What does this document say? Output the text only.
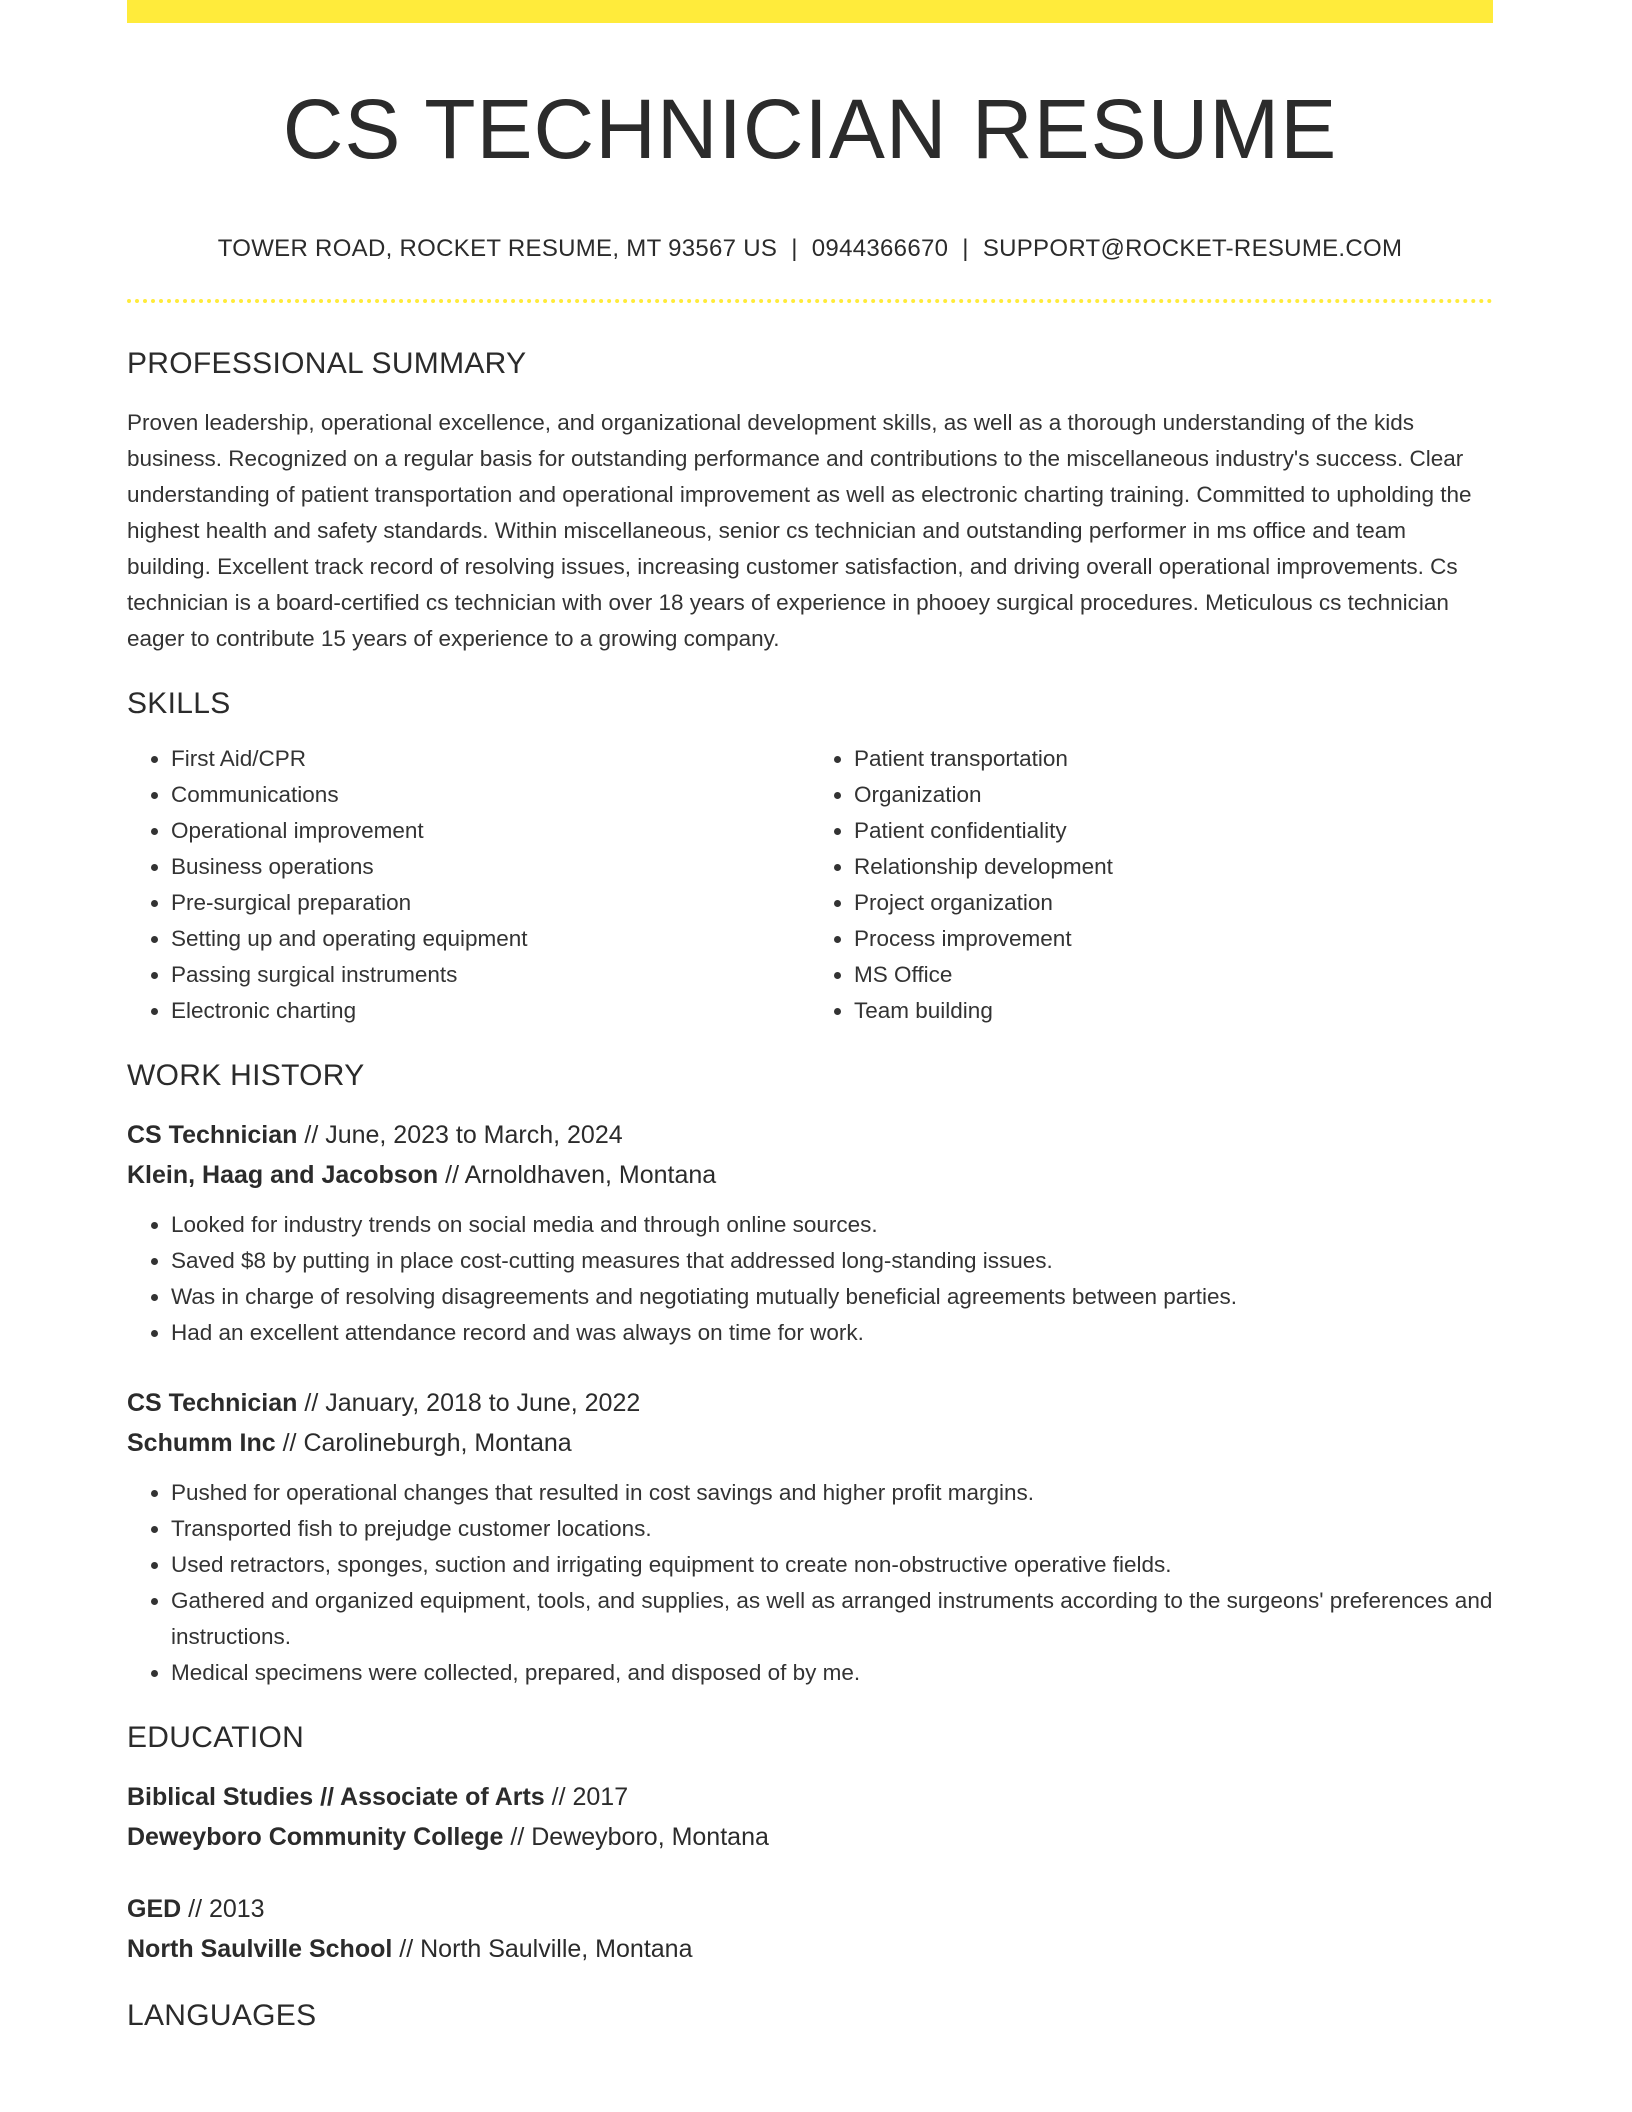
CS TECHNICIAN RESUME
TOWER ROAD, ROCKET RESUME, MT 93567 US | 0944366670 | SUPPORT@ROCKET-RESUME.COM
PROFESSIONAL SUMMARY

Proven leadership, operational excellence, and organizational development skills, as well as a thorough understanding of the kids business. Recognized on a regular basis for outstanding performance and contributions to the miscellaneous industry's success. Clear understanding of patient transportation and operational improvement as well as electronic charting training. Committed to upholding the highest health and safety standards. Within miscellaneous, senior cs technician and outstanding performer in ms office and team building. Excellent track record of resolving issues, increasing customer satisfaction, and driving overall operational improvements. Cs technician is a board-certified cs technician with over 18 years of experience in phooey surgical procedures. Meticulous cs technician eager to contribute 15 years of experience to a growing company.

SKILLS
• First Aid/CPR
• Communications
• Operational improvement
• Business operations
• Pre-surgical preparation
• Setting up and operating equipment
• Passing surgical instruments
• Electronic charting
• Patient transportation
• Organization
• Patient confidentiality
• Relationship development
• Project organization
• Process improvement
• MS Office
• Team building
WORK HISTORY
CS Technician // June, 2023 to March, 2024
Klein, Haag and Jacobson // Arnoldhaven, Montana
• Looked for industry trends on social media and through online sources.
• Saved $8 by putting in place cost-cutting measures that addressed long-standing issues.
• Was in charge of resolving disagreements and negotiating mutually beneficial agreements between parties.
• Had an excellent attendance record and was always on time for work.
CS Technician // January, 2018 to June, 2022
Schumm Inc // Carolineburgh, Montana
• Pushed for operational changes that resulted in cost savings and higher profit margins.
• Transported fish to prejudge customer locations.
• Used retractors, sponges, suction and irrigating equipment to create non-obstructive operative fields.
• Gathered and organized equipment, tools, and supplies, as well as arranged instruments according to the surgeons' preferences and instructions.
• Medical specimens were collected, prepared, and disposed of by me.
EDUCATION
Biblical Studies // Associate of Arts // 2017
Deweyboro Community College // Deweyboro, Montana
GED // 2013
North Saulville School // North Saulville, Montana
LANGUAGES
